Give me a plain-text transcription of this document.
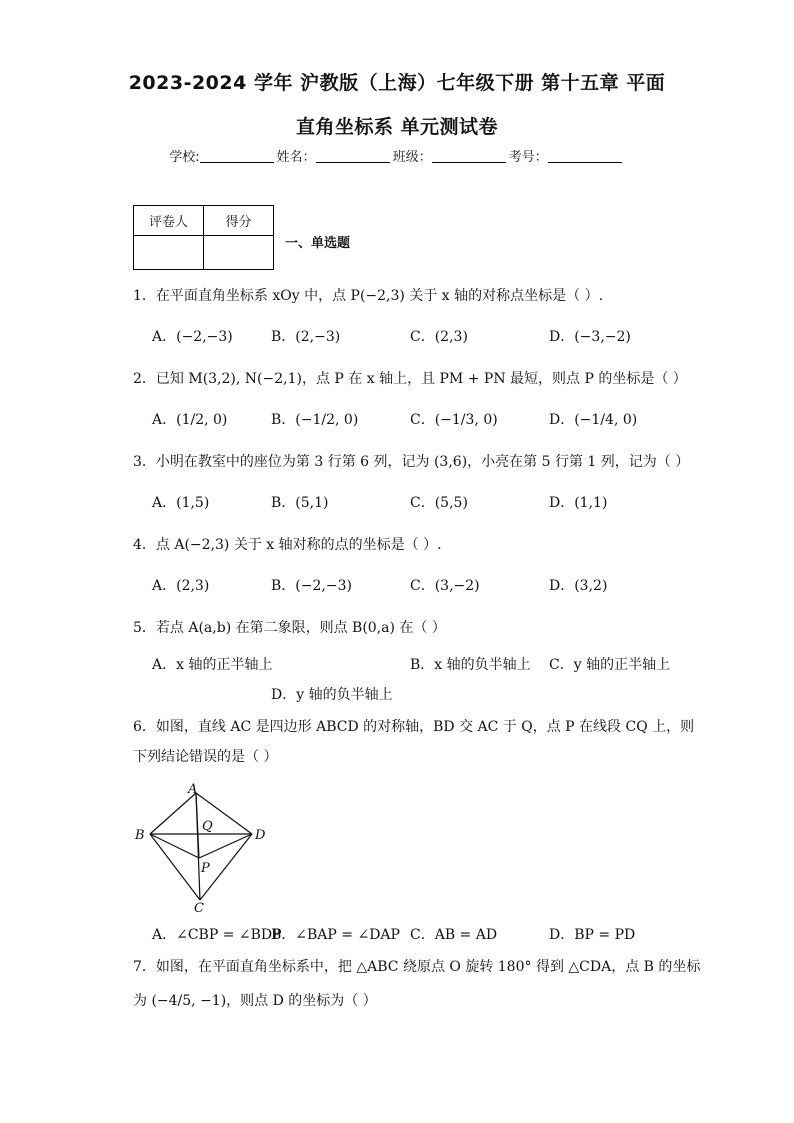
2023-2024 学年 沪教版（上海）七年级下册 第十五章 平面
直角坐标系 单元测试卷
学校:	姓名：	班级：	考号：
评卷人	得分

一、单选题
1．在平面直角坐标系 xOy 中，点 P(−2,3) 关于 x 轴的对称点坐标是（ ）.
A．(−2,−3)	B．(2,−3)	C．(2,3)	D．(−3,−2)
2．已知 M(3,2), N(−2,1)，点 P 在 x 轴上，且 PM + PN 最短，则点 P 的坐标是（ ）
A．(1/2, 0)	B．(−1/2, 0)	C．(−1/3, 0)	D．(−1/4, 0)
3．小明在教室中的座位为第 3 行第 6 列，记为 (3,6)，小亮在第 5 行第 1 列，记为（ ）
A．(1,5)	B．(5,1)	C．(5,5)	D．(1,1)
4．点 A(−2,3) 关于 x 轴对称的点的坐标是（ ）.
A．(2,3)	B．(−2,−3)	C．(3,−2)	D．(3,2)
5．若点 A(a,b) 在第二象限，则点 B(0,a) 在（ ）
A．x 轴的正半轴上	B．x 轴的负半轴上 C．y 轴的正半轴上
D．y 轴的负半轴上
6．如图，直线 AC 是四边形 ABCD 的对称轴，BD 交 AC 于 Q，点 P 在线段 CQ 上，则
下列结论错误的是（ ）
A
B
Q
D
P
C
A．∠CBP = ∠BDP
B．∠BAP = ∠DAP C．AB = AD	D．BP = PD
7．如图，在平面直角坐标系中，把 △ABC 绕原点 O 旋转 180° 得到 △CDA，点 B 的坐标
为 (−4/5, −1)，则点 D 的坐标为（ ）
